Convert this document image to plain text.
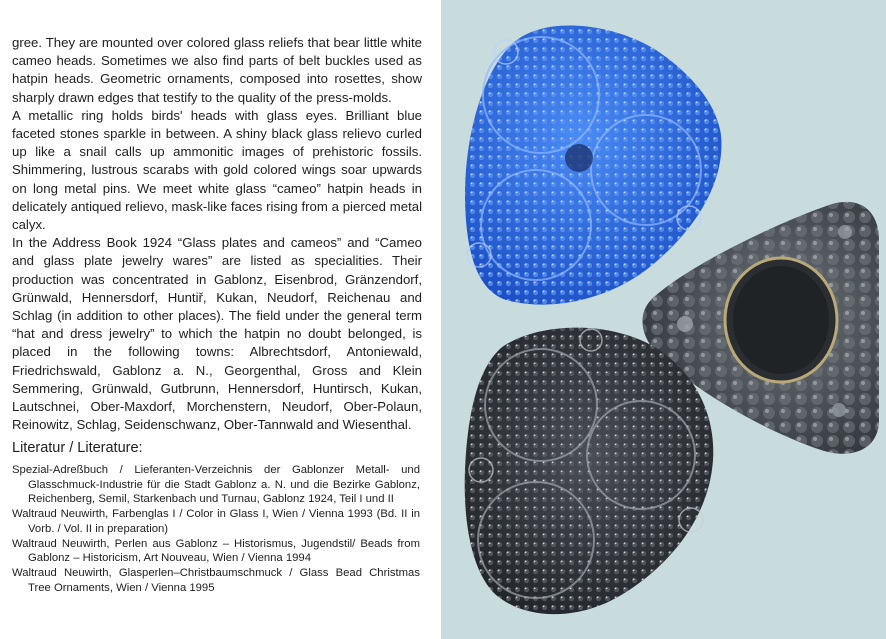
gree. They are mounted over colored glass reliefs that bear little white cameo heads. Sometimes we also find parts of belt buckles used as hatpin heads. Geometric ornaments, composed into rosettes, show sharply drawn edges that testify to the quality of the press-molds.

A metallic ring holds birds' heads with glass eyes. Brilliant blue faceted stones sparkle in between. A shiny black glass relievo curled up like a snail calls up ammonitic images of prehistoric fossils. Shimmering, lustrous scarabs with gold colored wings soar upwards on long metal pins. We meet white glass “cameo” hatpin heads in delicately antiqued relievo, mask-like faces rising from a pierced metal calyx.

In the Address Book 1924 “Glass plates and cameos” and “Cameo and glass plate jewelry wares” are listed as specialities. Their production was concentrated in Gablonz, Eisenbrod, Gränzendorf, Grünwald, Hennersdorf, Huntiř, Kukan, Neudorf, Reichenau and Schlag (in addition to other places). The field under the general term “hat and dress jewelry” to which the hatpin no doubt belonged, is placed in the following towns: Albrechtsdorf, Antoniewald, Friedrichswald, Gablonz a. N., Georgenthal, Gross and Klein Semmering, Grünwald, Gutbrunn, Hennersdorf, Huntirsch, Kukan, Lautschnei, Ober-Maxdorf, Morchenstern, Neudorf, Ober-Polaun, Reinowitz, Schlag, Seidenschwanz, Ober-Tannwald and Wiesenthal.

Literatur / Literature:

Spezial-Adreßbuch / Lieferanten-Verzeichnis der Gablonzer Metall- und Glasschmuck-Industrie für die Stadt Gablonz a. N. und die Bezirke Gablonz, Reichenberg, Semil, Starkenbach und Turnau, Gablonz 1924, Teil I und II

Waltraud Neuwirth, Farbenglas I / Color in Glass I, Wien / Vienna 1993 (Bd. II in Vorb. / Vol. II in preparation)

Waltraud Neuwirth, Perlen aus Gablonz – Historismus, Jugendstil/ Beads from Gablonz – Historicism, Art Nouveau, Wien / Vienna 1994

Waltraud Neuwirth, Glasperlen–Christbaumschmuck / Glass Bead Christmas Tree Ornaments, Wien / Vienna 1995
